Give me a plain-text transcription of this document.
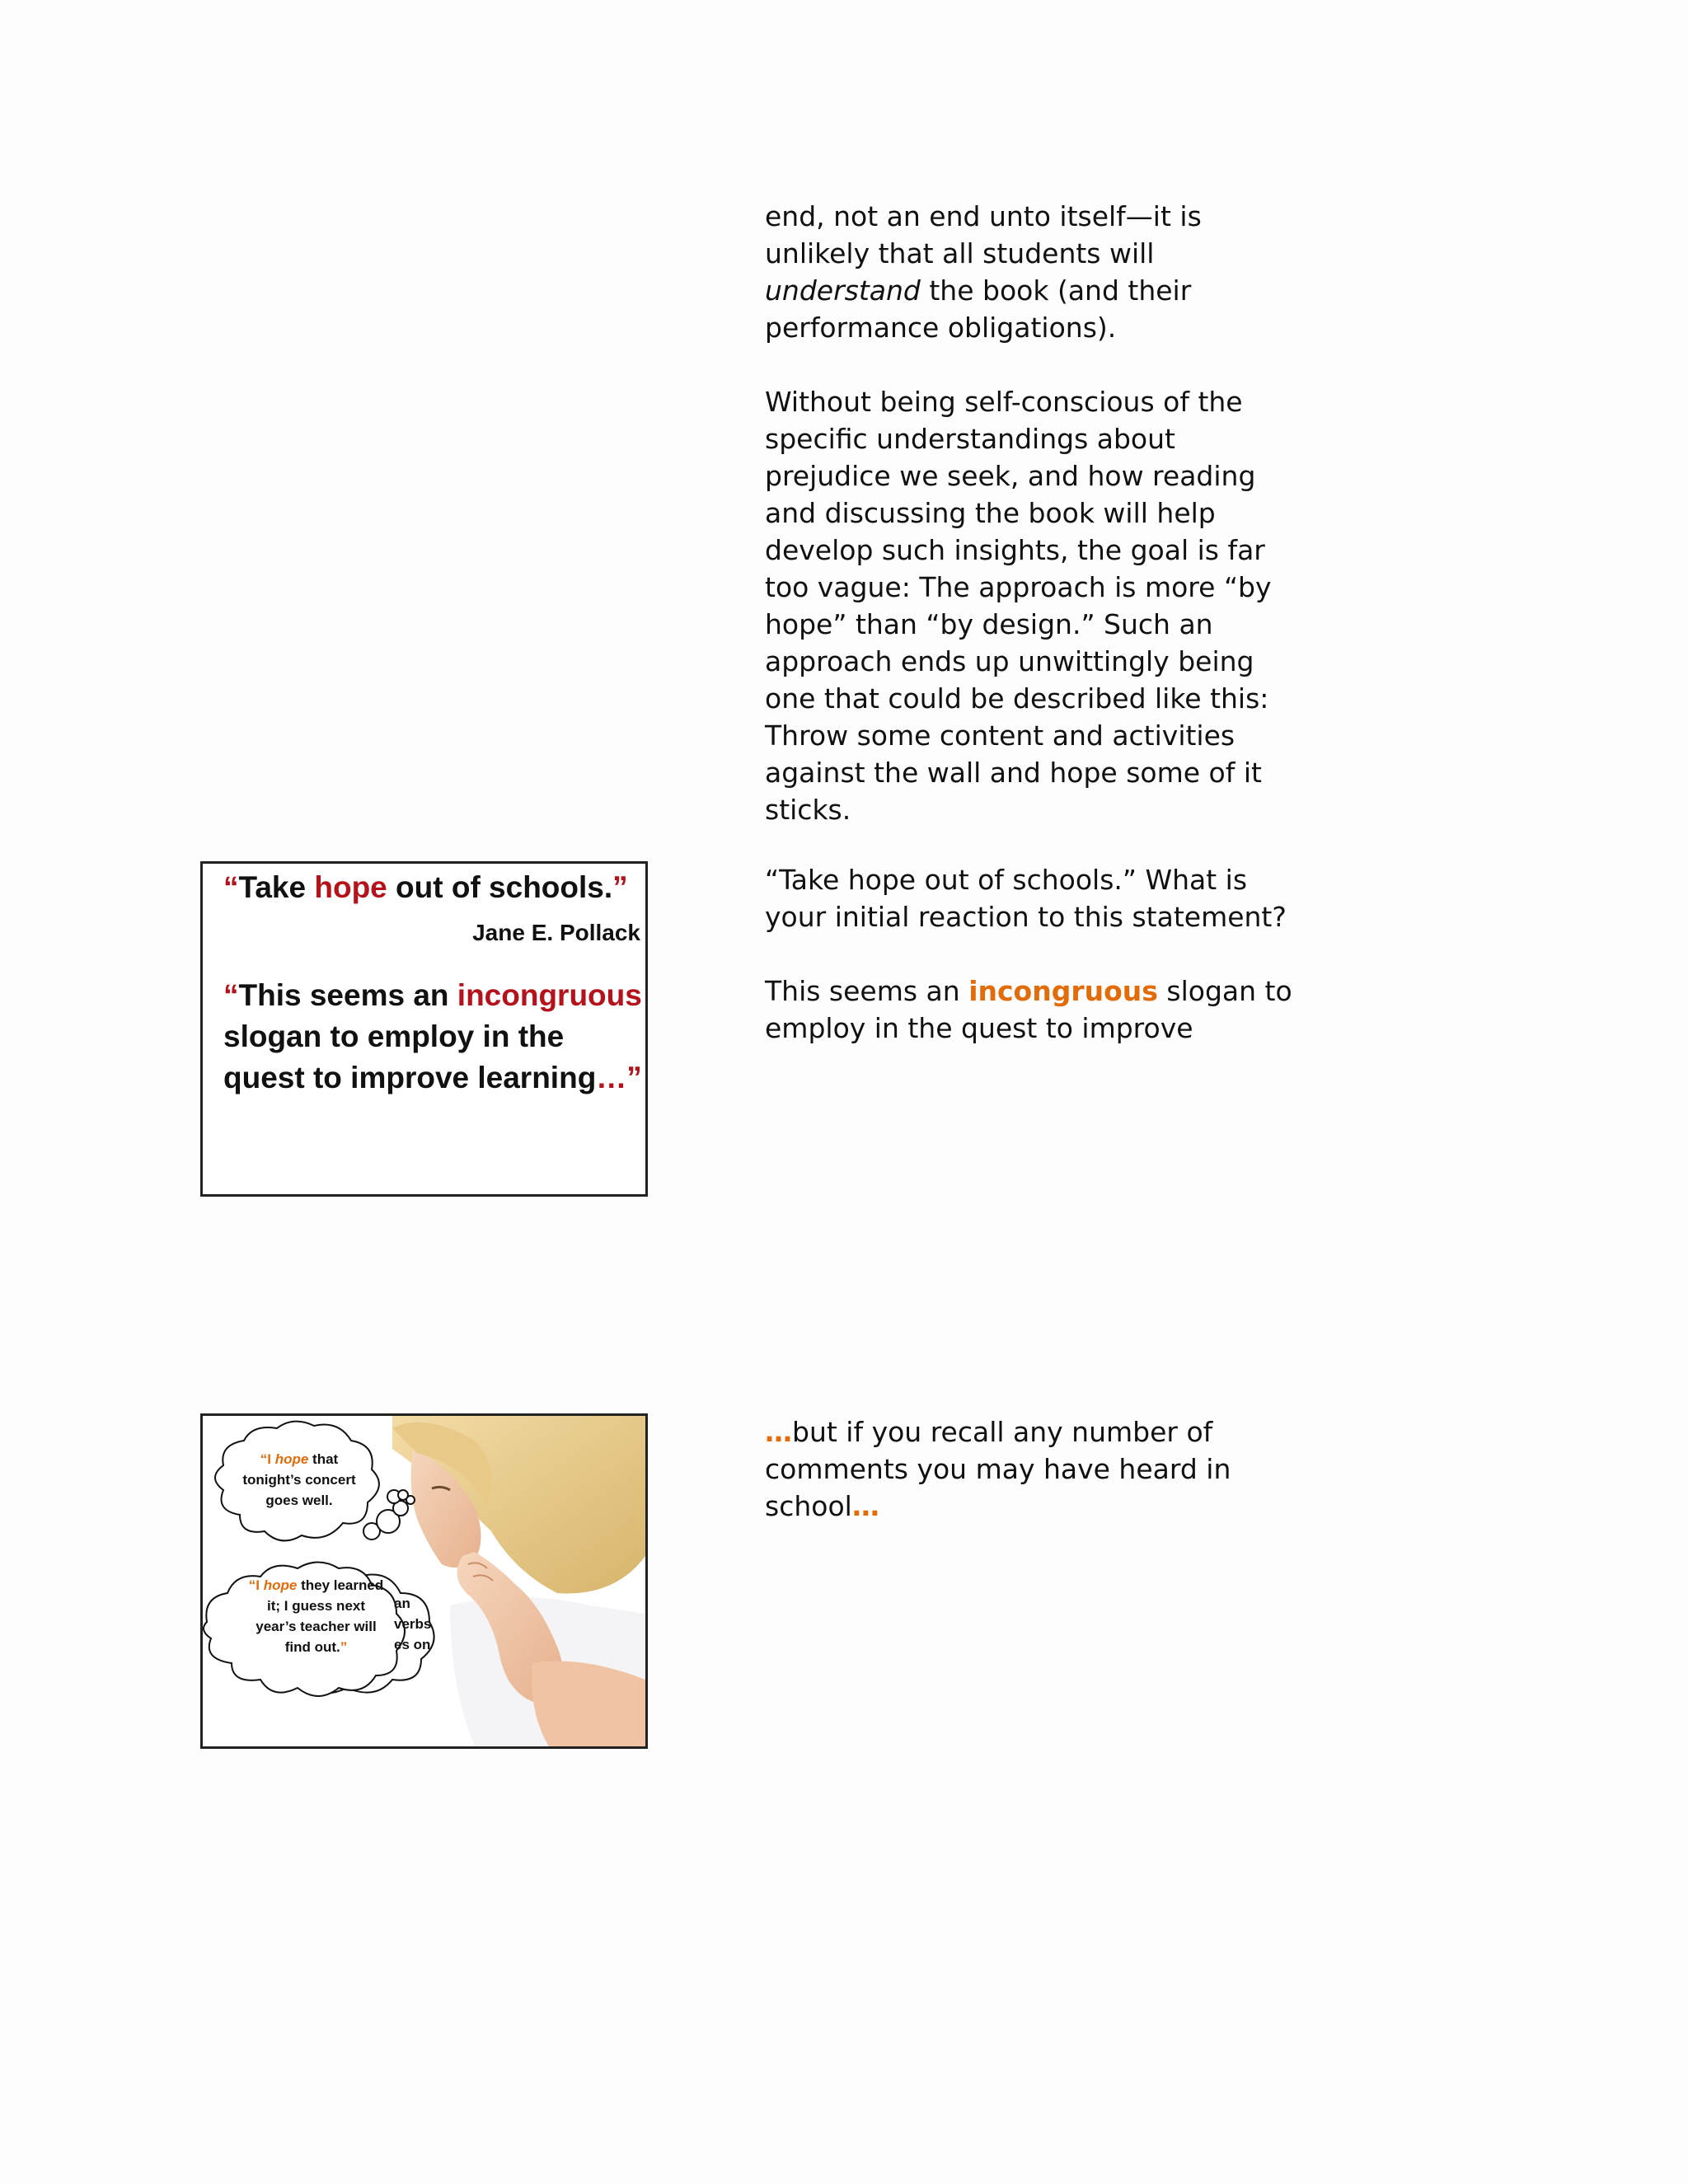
end, not an end unto itself—it is unlikely that all students will understand the book (and their performance obligations).

Without being self-conscious of the specific understandings about prejudice we seek, and how reading and discussing the book will help develop such insights, the goal is far too vague: The approach is more “by hope” than “by design.” Such an approach ends up unwittingly being one that could be described like this: Throw some content and activities against the wall and hope some of it sticks.

“Take hope out of schools.”
Jane E. Pollack
“This seems an incongruous slogan to employ in the quest to improve learning…”

“Take hope out of schools.” What is your initial reaction to this statement?

This seems an incongruous slogan to employ in the quest to improve

“I hope that tonight’s concert goes well.
an
verbs
es on
“I hope they learned it; I guess next year’s teacher will find out.”

…but if you recall any number of comments you may have heard in school…
